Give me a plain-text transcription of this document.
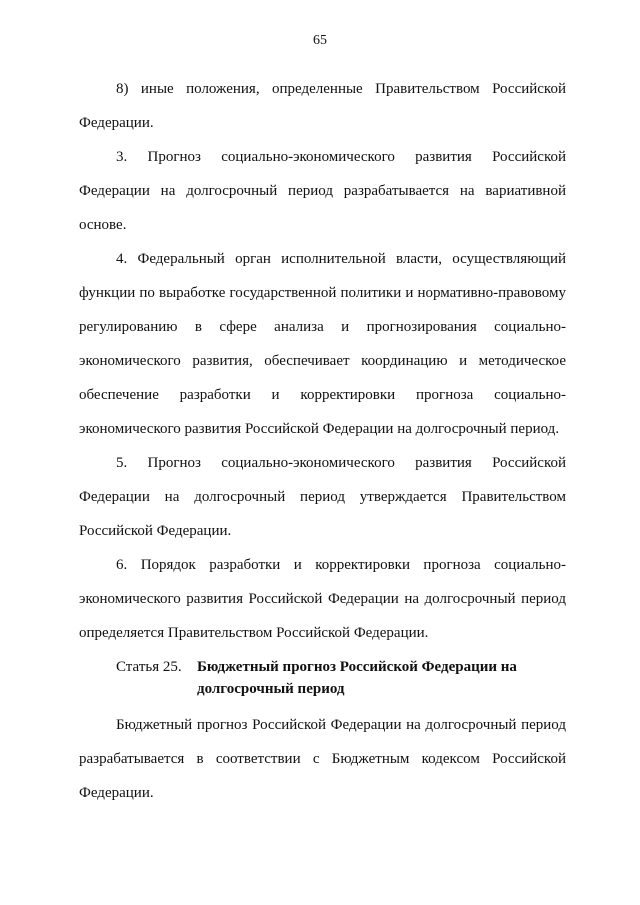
65

8) иные положения, определенные Правительством Российской Федерации.

3. Прогноз социально-экономического развития Российской Федерации на долгосрочный период разрабатывается на вариативной основе.

4. Федеральный орган исполнительной власти, осуществляющий функции по выработке государственной политики и нормативно-правовому регулированию в сфере анализа и прогнозирования социально-экономического развития, обеспечивает координацию и методическое обеспечение разработки и корректировки прогноза социально-экономического развития Российской Федерации на долгосрочный период.

5. Прогноз социально-экономического развития Российской Федерации на долгосрочный период утверждается Правительством Российской Федерации.

6. Порядок разработки и корректировки прогноза социально-экономического развития Российской Федерации на долгосрочный период определяется Правительством Российской Федерации.

Статья 25.	Бюджетный прогноз Российской Федерации на долгосрочный период

Бюджетный прогноз Российской Федерации на долгосрочный период разрабатывается в соответствии с Бюджетным кодексом Российской Федерации.
